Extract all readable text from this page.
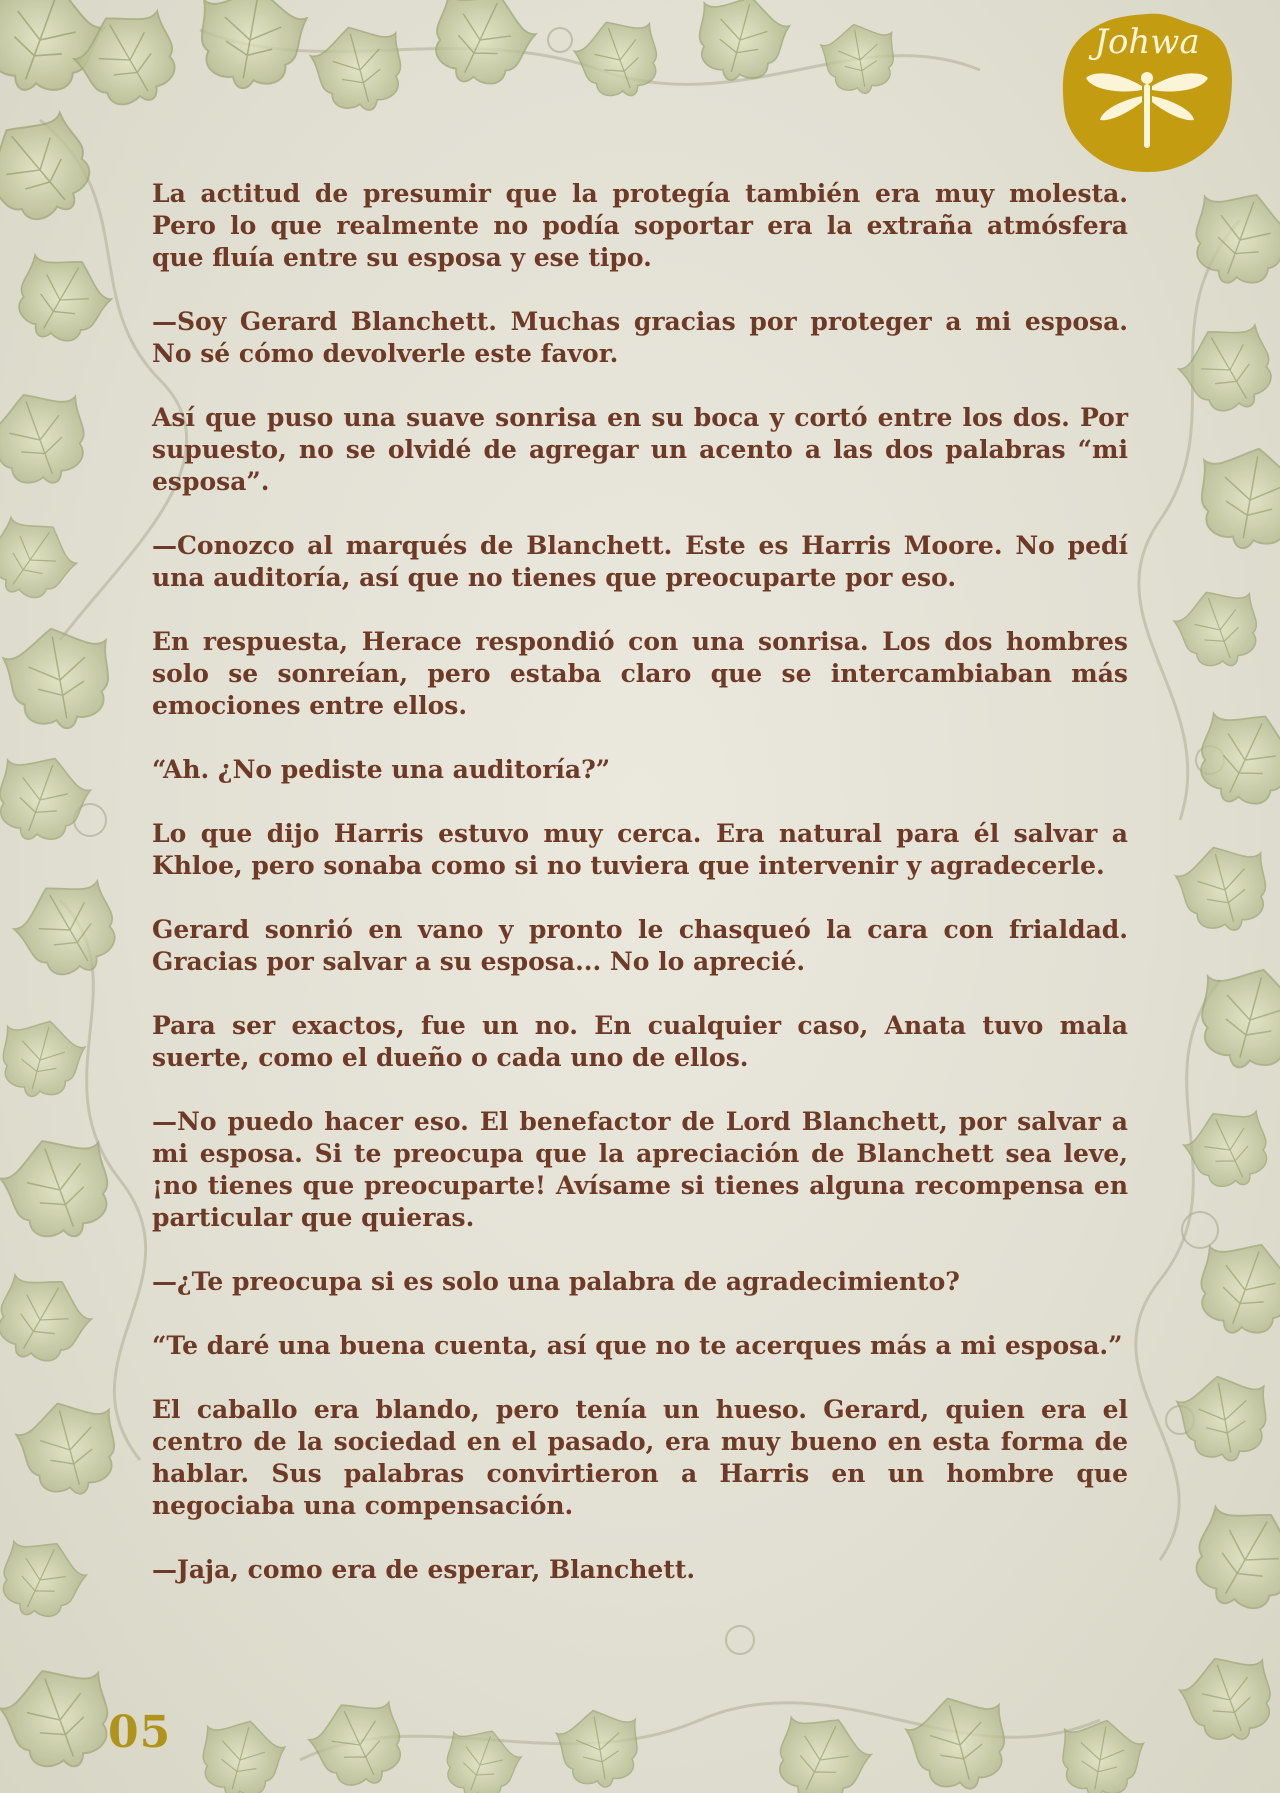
Johwa

La actitud de presumir que la protegía también era muy molesta. Pero lo que realmente no podía soportar era la extraña atmósfera que fluía entre su esposa y ese tipo.

—Soy Gerard Blanchett. Muchas gracias por proteger a mi esposa. No sé cómo devolverle este favor.

Así que puso una suave sonrisa en su boca y cortó entre los dos. Por supuesto, no se olvidé de agregar un acento a las dos palabras “mi esposa”.

—Conozco al marqués de Blanchett. Este es Harris Moore. No pedí una auditoría, así que no tienes que preocuparte por eso.

En respuesta, Herace respondió con una sonrisa. Los dos hombres solo se sonreían, pero estaba claro que se intercambiaban más emociones entre ellos.

“Ah. ¿No pediste una auditoría?”

Lo que dijo Harris estuvo muy cerca. Era natural para él salvar a Khloe, pero sonaba como si no tuviera que intervenir y agradecerle.

Gerard sonrió en vano y pronto le chasqueó la cara con frialdad. Gracias por salvar a su esposa... No lo aprecié.

Para ser exactos, fue un no. En cualquier caso, Anata tuvo mala suerte, como el dueño o cada uno de ellos.

—No puedo hacer eso. El benefactor de Lord Blanchett, por salvar a mi esposa. Si te preocupa que la apreciación de Blanchett sea leve, ¡no tienes que preocuparte! Avísame si tienes alguna recompensa en particular que quieras.

—¿Te preocupa si es solo una palabra de agradecimiento?

“Te daré una buena cuenta, así que no te acerques más a mi esposa.”

El caballo era blando, pero tenía un hueso. Gerard, quien era el centro de la sociedad en el pasado, era muy bueno en esta forma de hablar. Sus palabras convirtieron a Harris en un hombre que negociaba una compensación.

—Jaja, como era de esperar, Blanchett.

05
